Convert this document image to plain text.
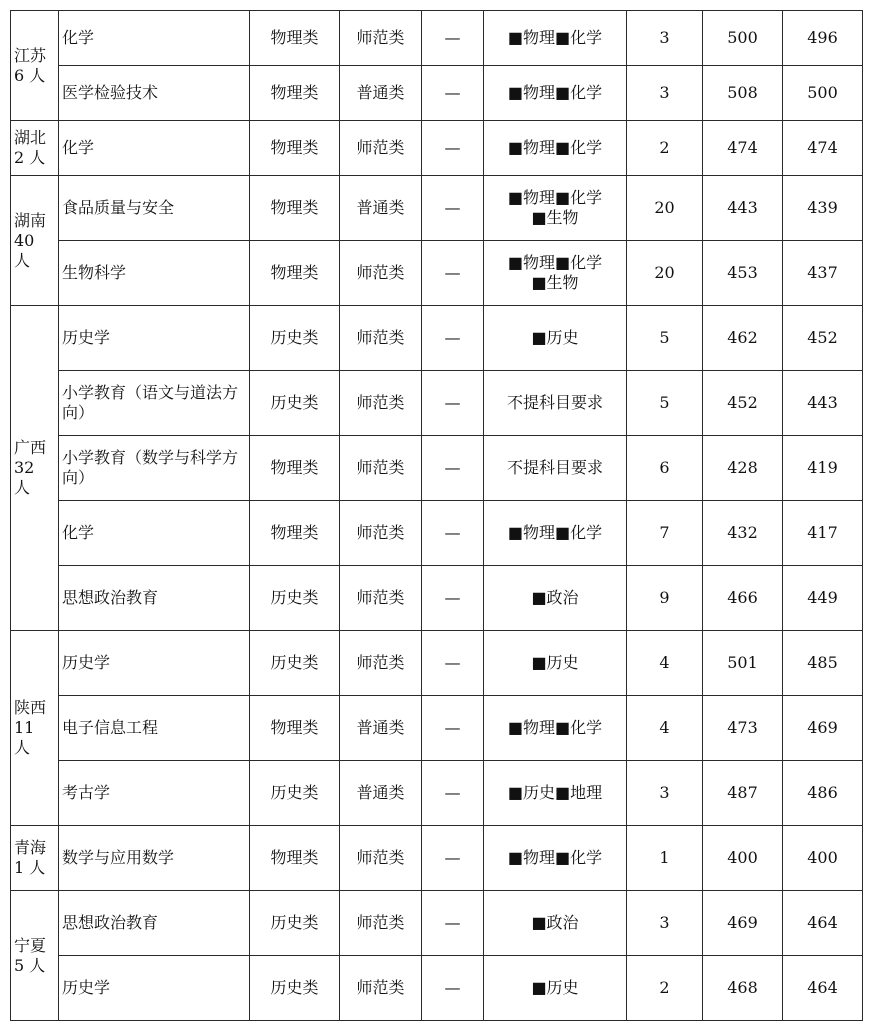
江苏
6 人	化学	物理类	师范类	—	■物理■化学	3	500	496
	医学检验技术	物理类	普通类	—	■物理■化学	3	508	500

湖北
2 人	化学	物理类	师范类	—	■物理■化学	2	474	474

湖南
40 人	食品质量与安全	物理类	普通类	—	■物理■化学
■生物	20	443	439
	生物科学	物理类	师范类	—	■物理■化学
■生物	20	453	437

广西
32 人	历史学	历史类	师范类	—	■历史	5	462	452
	小学教育（语文与道法方向）	历史类	师范类	—	不提科目要求	5	452	443
	小学教育（数学与科学方向）	物理类	师范类	—	不提科目要求	6	428	419
	化学	物理类	师范类	—	■物理■化学	7	432	417
	思想政治教育	历史类	师范类	—	■政治	9	466	449

陕西
11 人	历史学	历史类	师范类	—	■历史	4	501	485
	电子信息工程	物理类	普通类	—	■物理■化学	4	473	469
	考古学	历史类	普通类	—	■历史■地理	3	487	486

青海
1 人	数学与应用数学	物理类	师范类	—	■物理■化学	1	400	400

宁夏
5 人	思想政治教育	历史类	师范类	—	■政治	3	469	464
	历史学	历史类	师范类	—	■历史	2	468	464
